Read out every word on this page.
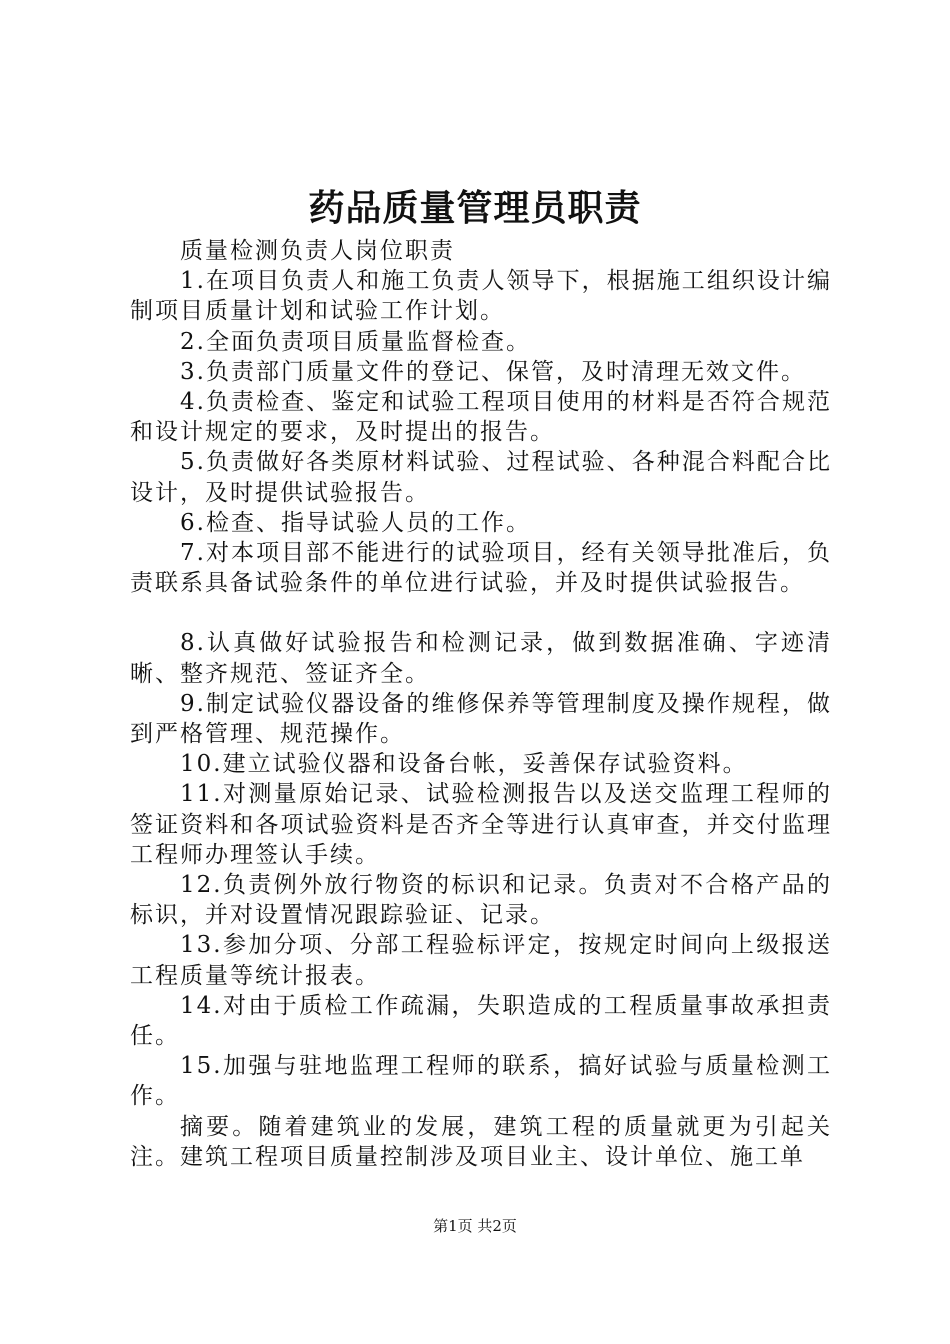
药品质量管理员职责

质量检测负责人岗位职责

1.在项目负责人和施工负责人领导下，根据施工组织设计编制项目质量计划和试验工作计划。

2.全面负责项目质量监督检查。

3.负责部门质量文件的登记、保管，及时清理无效文件。

4.负责检查、鉴定和试验工程项目使用的材料是否符合规范和设计规定的要求，及时提出的报告。

5.负责做好各类原材料试验、过程试验、各种混合料配合比设计，及时提供试验报告。

6.检查、指导试验人员的工作。

7.对本项目部不能进行的试验项目，经有关领导批准后，负责联系具备试验条件的单位进行试验，并及时提供试验报告。

8.认真做好试验报告和检测记录，做到数据准确、字迹清晰、整齐规范、签证齐全。

9.制定试验仪器设备的维修保养等管理制度及操作规程，做到严格管理、规范操作。

10.建立试验仪器和设备台帐，妥善保存试验资料。

11.对测量原始记录、试验检测报告以及送交监理工程师的签证资料和各项试验资料是否齐全等进行认真审查，并交付监理工程师办理签认手续。

12.负责例外放行物资的标识和记录。负责对不合格产品的标识，并对设置情况跟踪验证、记录。

13.参加分项、分部工程验标评定，按规定时间向上级报送工程质量等统计报表。

14.对由于质检工作疏漏，失职造成的工程质量事故承担责任。

15.加强与驻地监理工程师的联系，搞好试验与质量检测工作。

摘要。随着建筑业的发展，建筑工程的质量就更为引起关注。建筑工程项目质量控制涉及项目业主、设计单位、施工单

第1页 共2页
